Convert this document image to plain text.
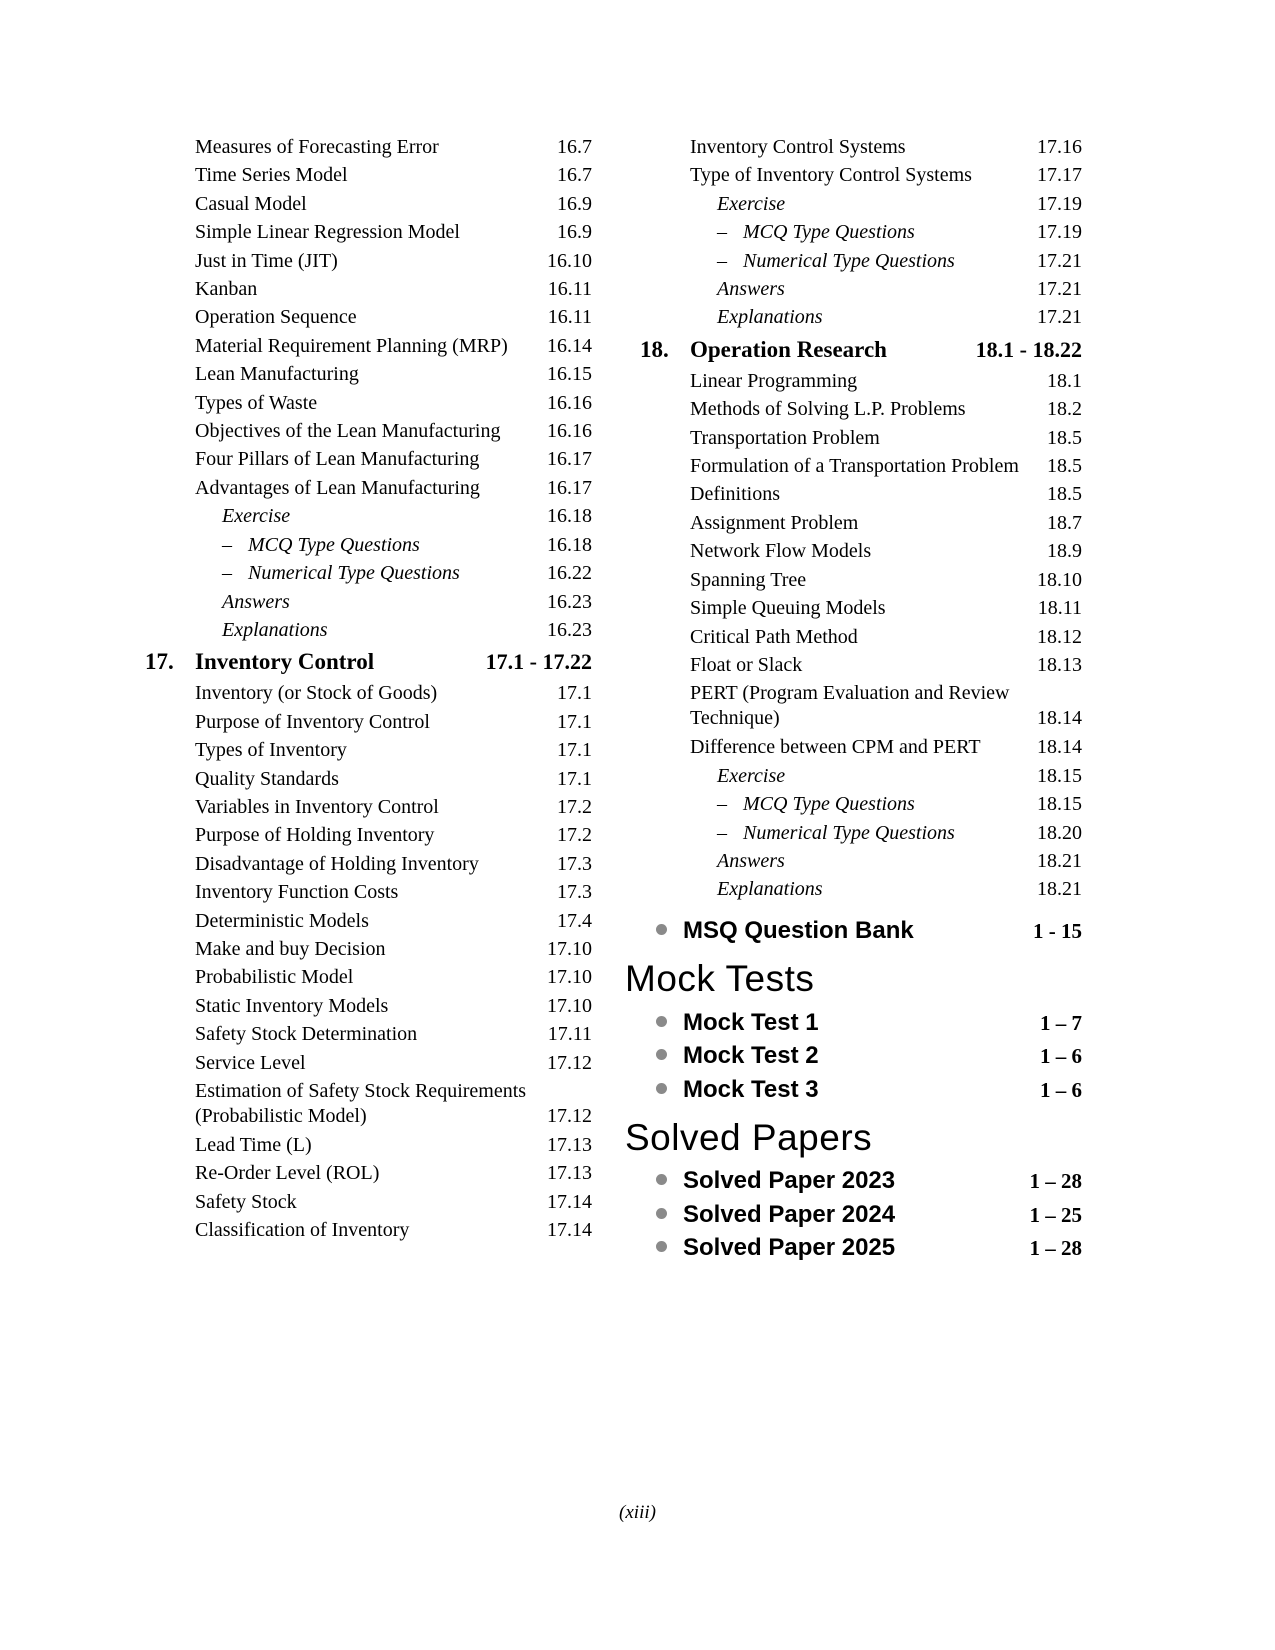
Measures of Forecasting Error	16.7
Time Series Model	16.7
Casual Model	16.9
Simple Linear Regression Model	16.9
Just in Time (JIT)	16.10
Kanban	16.11
Operation Sequence	16.11
Material Requirement Planning (MRP)	16.14
Lean Manufacturing	16.15
Types of Waste	16.16
Objectives of the Lean Manufacturing	16.16
Four Pillars of Lean Manufacturing	16.17
Advantages of Lean Manufacturing	16.17
Exercise	16.18
– MCQ Type Questions	16.18
– Numerical Type Questions	16.22
Answers	16.23
Explanations	16.23
17. Inventory Control	17.1 - 17.22
Inventory (or Stock of Goods)	17.1
Purpose of Inventory Control	17.1
Types of Inventory	17.1
Quality Standards	17.1
Variables in Inventory Control	17.2
Purpose of Holding Inventory	17.2
Disadvantage of Holding Inventory	17.3
Inventory Function Costs	17.3
Deterministic Models	17.4
Make and buy Decision	17.10
Probabilistic Model	17.10
Static Inventory Models	17.10
Safety Stock Determination	17.11
Service Level	17.12
Estimation of Safety Stock Requirements
(Probabilistic Model)	17.12
Lead Time (L)	17.13
Re-Order Level (ROL)	17.13
Safety Stock	17.14
Classification of Inventory	17.14
Inventory Control Systems	17.16
Type of Inventory Control Systems	17.17
Exercise	17.19
– MCQ Type Questions	17.19
– Numerical Type Questions	17.21
Answers	17.21
Explanations	17.21
18. Operation Research	18.1 - 18.22
Linear Programming	18.1
Methods of Solving L.P. Problems	18.2
Transportation Problem	18.5
Formulation of a Transportation Problem	18.5
Definitions	18.5
Assignment Problem	18.7
Network Flow Models	18.9
Spanning Tree	18.10
Simple Queuing Models	18.11
Critical Path Method	18.12
Float or Slack	18.13
PERT (Program Evaluation and Review
Technique)	18.14
Difference between CPM and PERT	18.14
Exercise	18.15
– MCQ Type Questions	18.15
– Numerical Type Questions	18.20
Answers	18.21
Explanations	18.21
MSQ Question Bank	1 - 15
Mock Tests
Mock Test 1	1 – 7
Mock Test 2	1 – 6
Mock Test 3	1 – 6
Solved Papers
Solved Paper 2023	1 – 28
Solved Paper 2024	1 – 25
Solved Paper 2025	1 – 28
(xiii)
